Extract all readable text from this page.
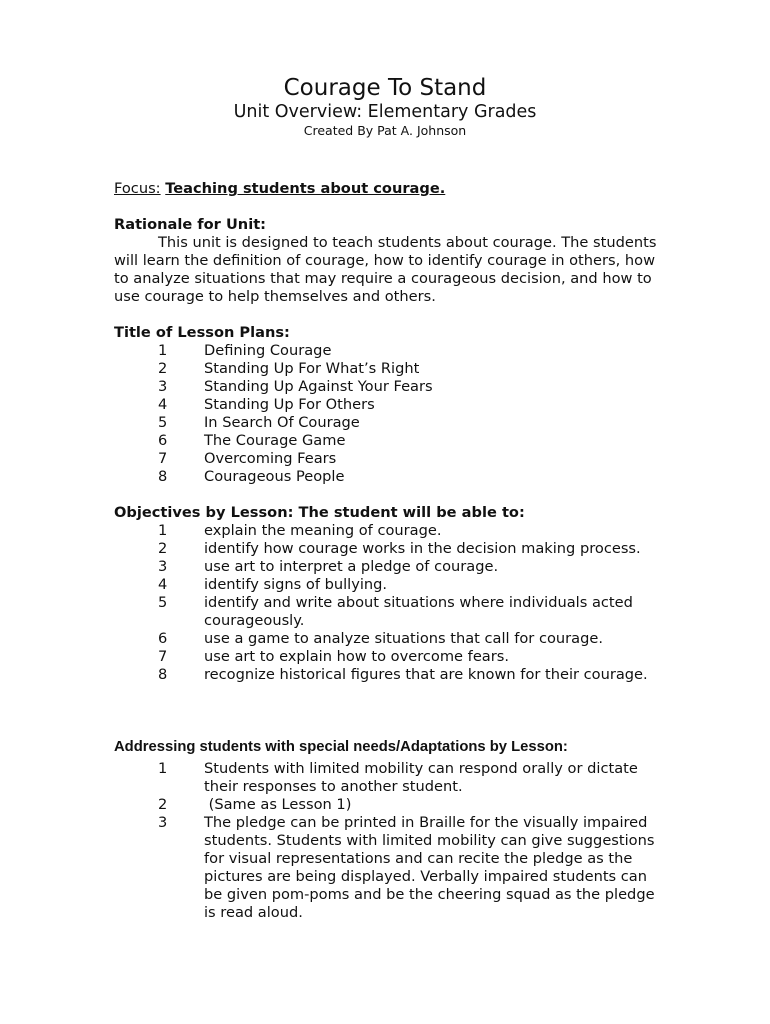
Courage To Stand
Unit Overview: Elementary Grades
Created By Pat A. Johnson
Focus: Teaching students about courage.
Rationale for Unit:

This unit is designed to teach students about courage. The students will learn the definition of courage, how to identify courage in others, how to analyze situations that may require a courageous decision, and how to use courage to help themselves and others.

Title of Lesson Plans:
1	Defining Courage
2	Standing Up For What’s Right
3	Standing Up Against Your Fears
4	Standing Up For Others
5	In Search Of Courage
6	The Courage Game
7	Overcoming Fears
8	Courageous People
Objectives by Lesson: The student will be able to:
1	explain the meaning of courage.
2	identify how courage works in the decision making process.
3	use art to interpret a pledge of courage.
4	identify signs of bullying.
5	identify and write about situations where individuals acted courageously.
6	use a game to analyze situations that call for courage.
7	use art to explain how to overcome fears.
8	recognize historical figures that are known for their courage.
Addressing students with special needs/Adaptations by Lesson:
1	Students with limited mobility can respond orally or dictate their responses to another student.
2	(Same as Lesson 1)
3	The pledge can be printed in Braille for the visually impaired students. Students with limited mobility can give suggestions for visual representations and can recite the pledge as the pictures are being displayed. Verbally impaired students can be given pom-poms and be the cheering squad as the pledge is read aloud.
